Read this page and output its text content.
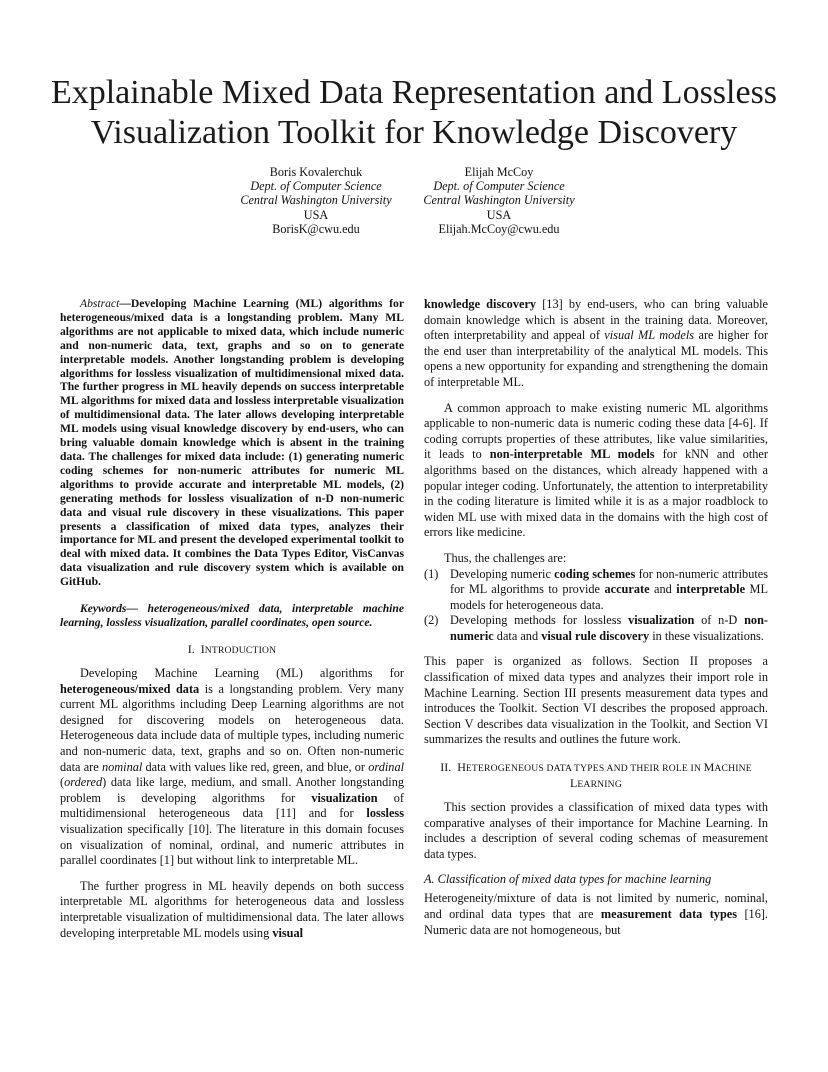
Explainable Mixed Data Representation and Lossless
Visualization Toolkit for Knowledge Discovery
Boris Kovalerchuk
Dept. of Computer Science
Central Washington University
USA
BorisK@cwu.edu
Elijah McCoy
Dept. of Computer Science
Central Washington University
USA
Elijah.McCoy@cwu.edu

Abstract—Developing Machine Learning (ML) algorithms for heterogeneous/mixed data is a longstanding problem. Many ML algorithms are not applicable to mixed data, which include numeric and non-numeric data, text, graphs and so on to generate interpretable models. Another longstanding problem is developing algorithms for lossless visualization of multidimensional mixed data. The further progress in ML heavily depends on success interpretable ML algorithms for mixed data and lossless interpretable visualization of multidimensional data. The later allows developing interpretable ML models using visual knowledge discovery by end-users, who can bring valuable domain knowledge which is absent in the training data. The challenges for mixed data include: (1) generating numeric coding schemes for non-numeric attributes for numeric ML algorithms to provide accurate and interpretable ML models, (2) generating methods for lossless visualization of n-D non-numeric data and visual rule discovery in these visualizations. This paper presents a classification of mixed data types, analyzes their importance for ML and present the developed experimental toolkit to deal with mixed data. It combines the Data Types Editor, VisCanvas data visualization and rule discovery system which is available on GitHub.

Keywords— heterogeneous/mixed data, interpretable machine learning, lossless visualization, parallel coordinates, open source.

I. INTRODUCTION

Developing Machine Learning (ML) algorithms for heterogeneous/mixed data is a longstanding problem. Very many current ML algorithms including Deep Learning algorithms are not designed for discovering models on heterogeneous data. Heterogeneous data include data of multiple types, including numeric and non-numeric data, text, graphs and so on. Often non-numeric data are nominal data with values like red, green, and blue, or ordinal (ordered) data like large, medium, and small. Another longstanding problem is developing algorithms for visualization of multidimensional heterogeneous data [11] and for lossless visualization specifically [10]. The literature in this domain focuses on visualization of nominal, ordinal, and numeric attributes in parallel coordinates [1] but without link to interpretable ML.

The further progress in ML heavily depends on both success interpretable ML algorithms for heterogeneous data and lossless interpretable visualization of multidimensional data. The later allows developing interpretable ML models using visual

knowledge discovery [13] by end-users, who can bring valuable domain knowledge which is absent in the training data. Moreover, often interpretability and appeal of visual ML models are higher for the end user than interpretability of the analytical ML models. This opens a new opportunity for expanding and strengthening the domain of interpretable ML.

A common approach to make existing numeric ML algorithms applicable to non-numeric data is numeric coding these data [4-6]. If coding corrupts properties of these attributes, like value similarities, it leads to non-interpretable ML models for kNN and other algorithms based on the distances, which already happened with a popular integer coding. Unfortunately, the attention to interpretability in the coding literature is limited while it is as a major roadblock to widen ML use with mixed data in the domains with the high cost of errors like medicine.

Thus, the challenges are:

(1) Developing numeric coding schemes for non-numeric attributes for ML algorithms to provide accurate and interpretable ML models for heterogeneous data.
(2) Developing methods for lossless visualization of n-D non-numeric data and visual rule discovery in these visualizations.

This paper is organized as follows. Section II proposes a classification of mixed data types and analyzes their import role in Machine Learning. Section III presents measurement data types and introduces the Toolkit. Section VI describes the proposed approach. Section V describes data visualization in the Toolkit, and Section VI summarizes the results and outlines the future work.

II. HETEROGENEOUS DATA TYPES AND THEIR ROLE IN MACHINE
LEARNING

This section provides a classification of mixed data types with comparative analyses of their importance for Machine Learning. In includes a description of several coding schemas of measurement data types.

A. Classification of mixed data types for machine learning

Heterogeneity/mixture of data is not limited by numeric, nominal, and ordinal data types that are measurement data types [16]. Numeric data are not homogeneous, but
